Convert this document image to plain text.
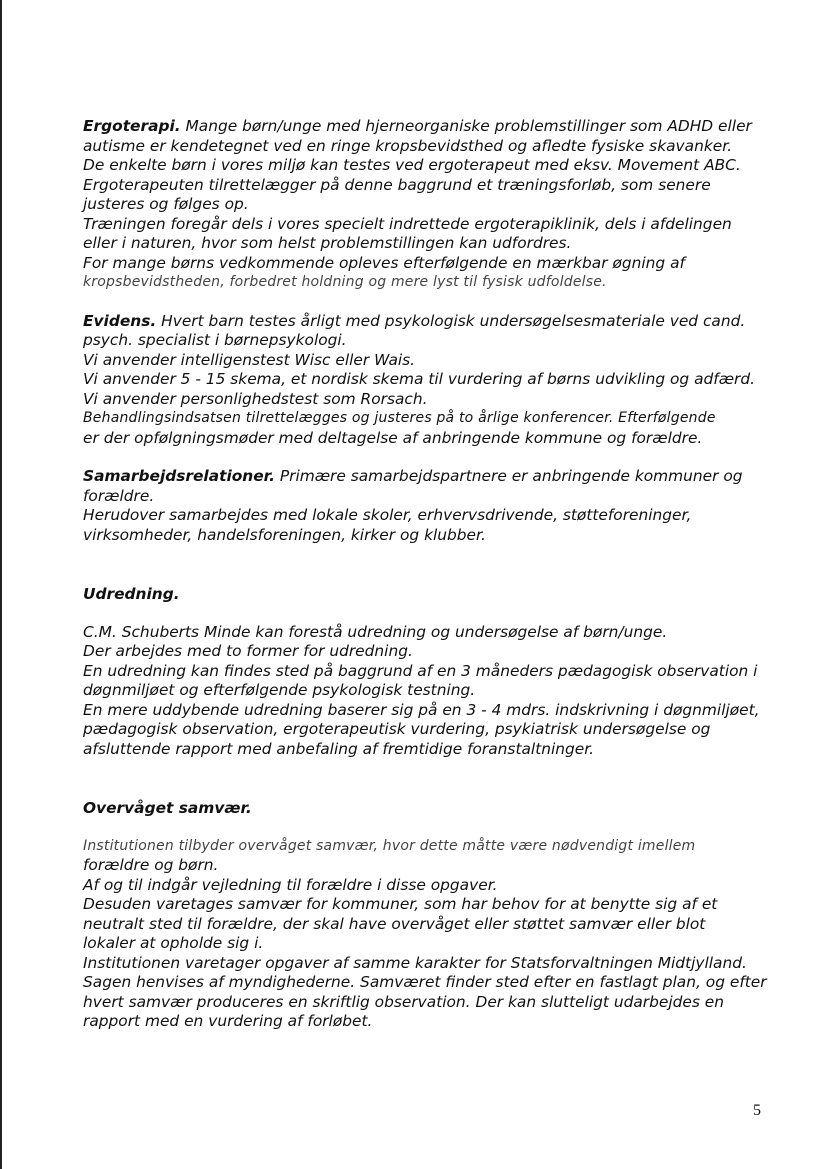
Ergoterapi. Mange børn/unge med hjerneorganiske problemstillinger som ADHD eller
autisme er kendetegnet ved en ringe kropsbevidsthed og afledte fysiske skavanker.
De enkelte børn i vores miljø kan testes ved ergoterapeut med eksv. Movement ABC.
Ergoterapeuten tilrettelægger på denne baggrund et træningsforløb, som senere
justeres og følges op.
Træningen foregår dels i vores specielt indrettede ergoterapiklinik, dels i afdelingen
eller i naturen, hvor som helst problemstillingen kan udfordres.
For mange børns vedkommende opleves efterfølgende en mærkbar øgning af
kropsbevidstheden, forbedret holdning og mere lyst til fysisk udfoldelse.
Evidens. Hvert barn testes årligt med psykologisk undersøgelsesmateriale ved cand.
psych. specialist i børnepsykologi.
Vi anvender intelligenstest Wisc eller Wais.
Vi anvender 5 - 15 skema, et nordisk skema til vurdering af børns udvikling og adfærd.
Vi anvender personlighedstest som Rorsach.
Behandlingsindsatsen tilrettelægges og justeres på to årlige konferencer. Efterfølgende
er der opfølgningsmøder med deltagelse af anbringende kommune og forældre.
Samarbejdsrelationer. Primære samarbejdspartnere er anbringende kommuner og
forældre.
Herudover samarbejdes med lokale skoler, erhvervsdrivende, støtteforeninger,
virksomheder, handelsforeningen, kirker og klubber.
Udredning.
C.M. Schuberts Minde kan forestå udredning og undersøgelse af børn/unge.
Der arbejdes med to former for udredning.
En udredning kan findes sted på baggrund af en 3 måneders pædagogisk observation i
døgnmiljøet og efterfølgende psykologisk testning.
En mere uddybende udredning baserer sig på en 3 - 4 mdrs. indskrivning i døgnmiljøet,
pædagogisk observation, ergoterapeutisk vurdering, psykiatrisk undersøgelse og
afsluttende rapport med anbefaling af fremtidige foranstaltninger.
Overvåget samvær.
Institutionen tilbyder overvåget samvær, hvor dette måtte være nødvendigt imellem
forældre og børn.
Af og til indgår vejledning til forældre i disse opgaver.
Desuden varetages samvær for kommuner, som har behov for at benytte sig af et
neutralt sted til forældre, der skal have overvåget eller støttet samvær eller blot
lokaler at opholde sig i.
Institutionen varetager opgaver af samme karakter for Statsforvaltningen Midtjylland.
Sagen henvises af myndighederne. Samværet finder sted efter en fastlagt plan, og efter
hvert samvær produceres en skriftlig observation. Der kan slutteligt udarbejdes en
rapport med en vurdering af forløbet.
5
